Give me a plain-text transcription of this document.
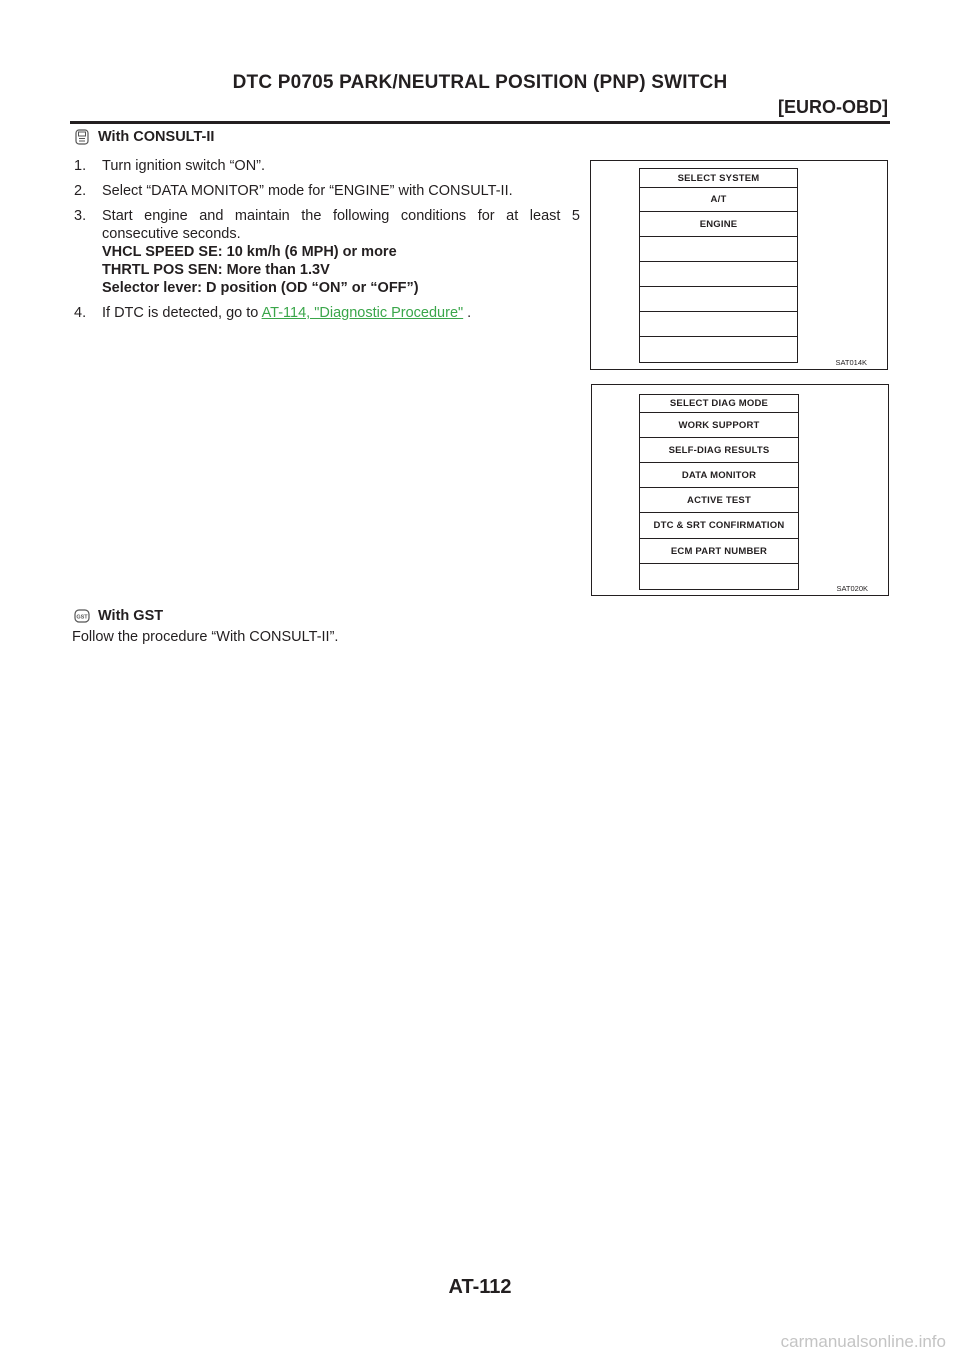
DTC P0705 PARK/NEUTRAL POSITION (PNP) SWITCH
[EURO-OBD]
With CONSULT-II
1. Turn ignition switch “ON”.
2. Select “DATA MONITOR” mode for “ENGINE” with CONSULT-II.
3. Start engine and maintain the following conditions for at least 5 consecutive seconds.
VHCL SPEED SE: 10 km/h (6 MPH) or more
THRTL POS SEN: More than 1.3V
Selector lever: D position (OD “ON” or “OFF”)
4. If DTC is detected, go to AT-114, "Diagnostic Procedure" .
SELECT SYSTEM
A/T
ENGINE
SAT014K
SELECT DIAG MODE
WORK SUPPORT
SELF-DIAG RESULTS
DATA MONITOR
ACTIVE TEST
DTC & SRT CONFIRMATION
ECM PART NUMBER
SAT020K
GST With GST
Follow the procedure “With CONSULT-II”.
AT-112
carmanualsonline.info
